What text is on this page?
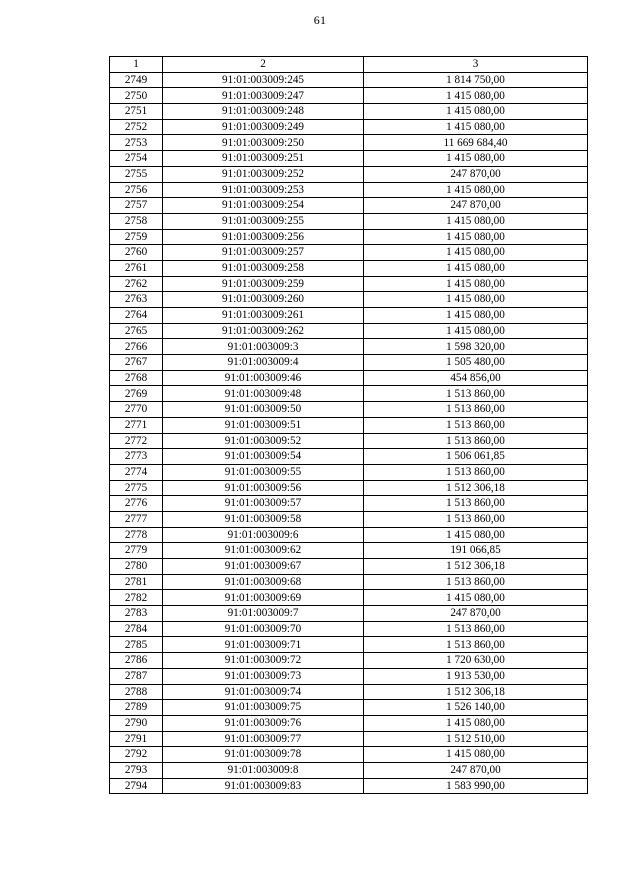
61
1	2	3
2749	91:01:003009:245	1 814 750,00
2750	91:01:003009:247	1 415 080,00
2751	91:01:003009:248	1 415 080,00
2752	91:01:003009:249	1 415 080,00
2753	91:01:003009:250	11 669 684,40
2754	91:01:003009:251	1 415 080,00
2755	91:01:003009:252	247 870,00
2756	91:01:003009:253	1 415 080,00
2757	91:01:003009:254	247 870,00
2758	91:01:003009:255	1 415 080,00
2759	91:01:003009:256	1 415 080,00
2760	91:01:003009:257	1 415 080,00
2761	91:01:003009:258	1 415 080,00
2762	91:01:003009:259	1 415 080,00
2763	91:01:003009:260	1 415 080,00
2764	91:01:003009:261	1 415 080,00
2765	91:01:003009:262	1 415 080,00
2766	91:01:003009:3	1 598 320,00
2767	91:01:003009:4	1 505 480,00
2768	91:01:003009:46	454 856,00
2769	91:01:003009:48	1 513 860,00
2770	91:01:003009:50	1 513 860,00
2771	91:01:003009:51	1 513 860,00
2772	91:01:003009:52	1 513 860,00
2773	91:01:003009:54	1 506 061,85
2774	91:01:003009:55	1 513 860,00
2775	91:01:003009:56	1 512 306,18
2776	91:01:003009:57	1 513 860,00
2777	91:01:003009:58	1 513 860,00
2778	91:01:003009:6	1 415 080,00
2779	91:01:003009:62	191 066,85
2780	91:01:003009:67	1 512 306,18
2781	91:01:003009:68	1 513 860,00
2782	91:01:003009:69	1 415 080,00
2783	91:01:003009:7	247 870,00
2784	91:01:003009:70	1 513 860,00
2785	91:01:003009:71	1 513 860,00
2786	91:01:003009:72	1 720 630,00
2787	91:01:003009:73	1 913 530,00
2788	91:01:003009:74	1 512 306,18
2789	91:01:003009:75	1 526 140,00
2790	91:01:003009:76	1 415 080,00
2791	91:01:003009:77	1 512 510,00
2792	91:01:003009:78	1 415 080,00
2793	91:01:003009:8	247 870,00
2794	91:01:003009:83	1 583 990,00
